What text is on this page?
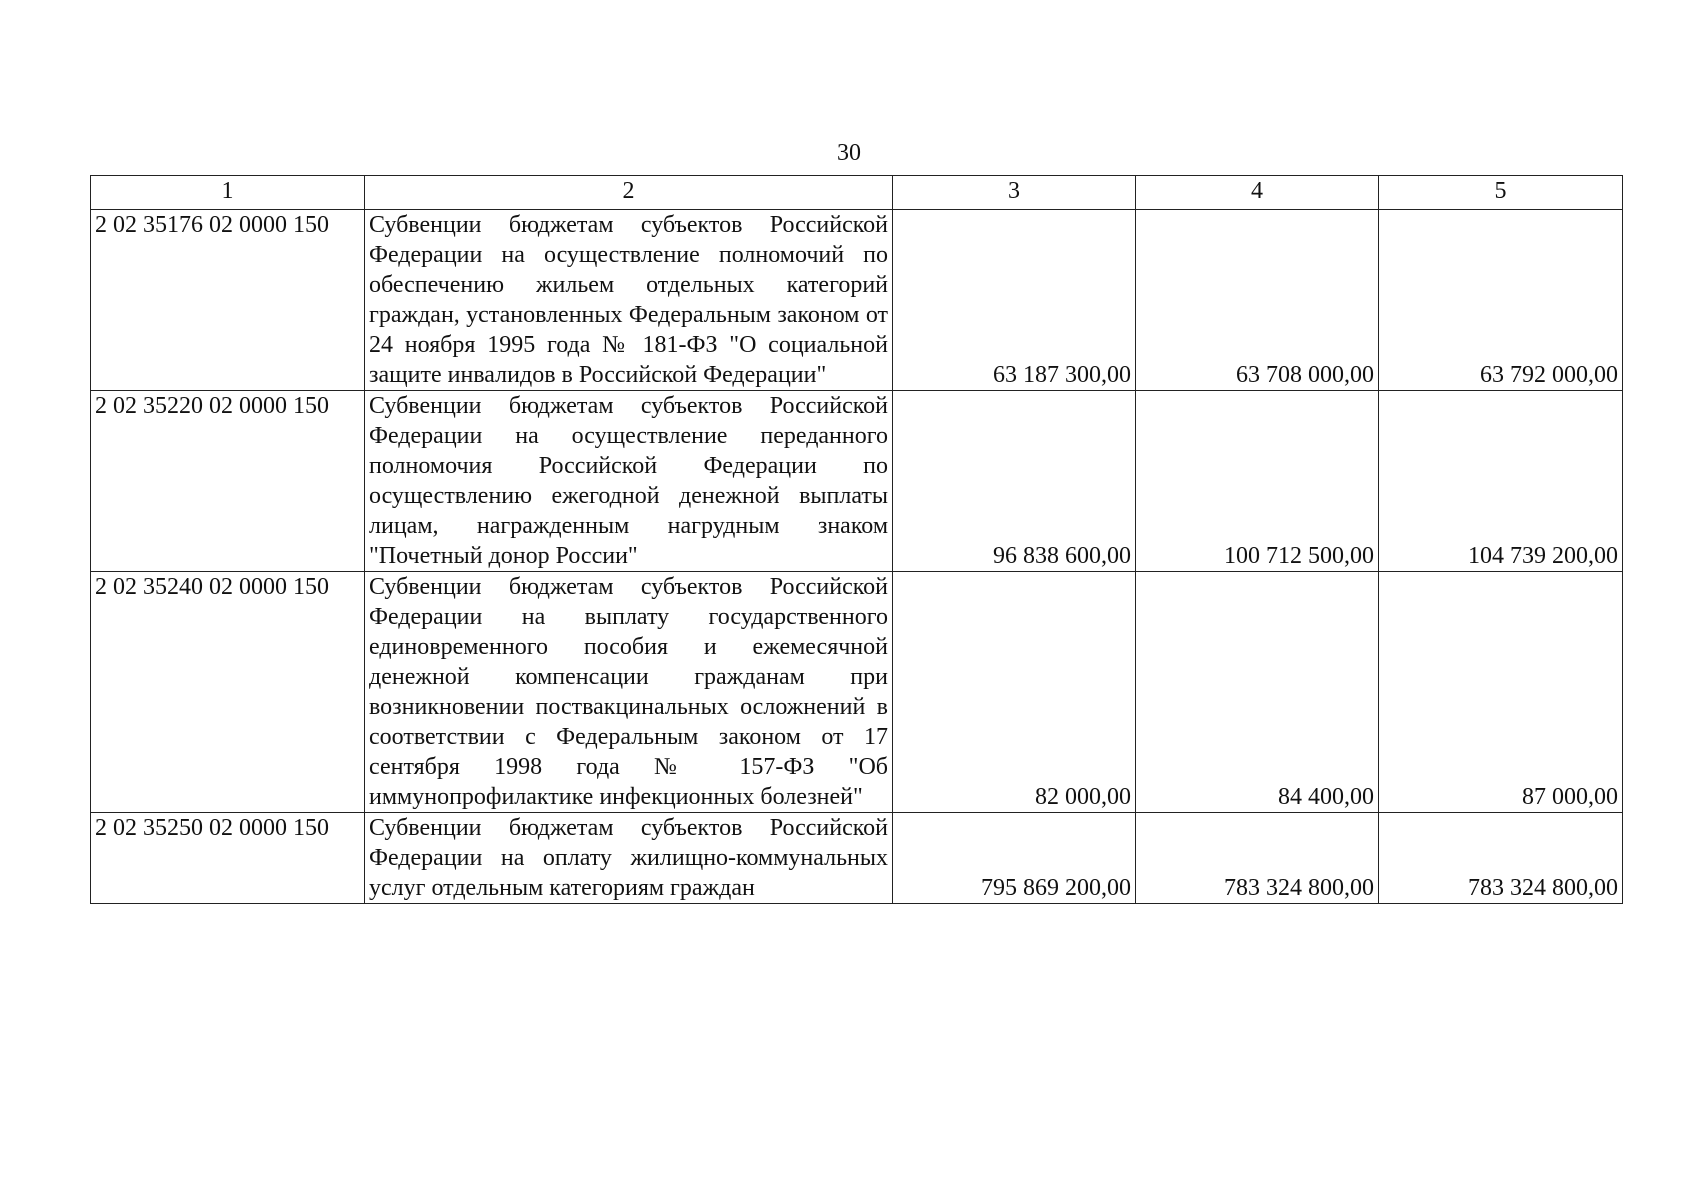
30
1	2	3	4	5
2 02 35176 02 0000 150	Субвенции бюджетам субъектов Российской Федерации на осуществление полномочий по обеспечению жильем отдельных категорий граждан, установленных Федеральным законом от 24 ноября 1995 года № 181-ФЗ "О социальной защите инвалидов в Российской Федерации"	63 187 300,00	63 708 000,00	63 792 000,00
2 02 35220 02 0000 150	Субвенции бюджетам субъектов Российской Федерации на осуществление переданного полномочия Российской Федерации по осуществлению ежегодной денежной выплаты лицам, награжденным нагрудным знаком "Почетный донор России"	96 838 600,00	100 712 500,00	104 739 200,00
2 02 35240 02 0000 150	Субвенции бюджетам субъектов Российской Федерации на выплату государственного единовременного пособия и ежемесячной денежной компенсации гражданам при возникновении поствакцинальных осложнений в соответствии с Федеральным законом от 17 сентября 1998 года № 157-ФЗ "Об иммунопрофилактике инфекционных болезней"	82 000,00	84 400,00	87 000,00
2 02 35250 02 0000 150	Субвенции бюджетам субъектов Российской Федерации на оплату жилищно-коммунальных услуг отдельным категориям граждан	795 869 200,00	783 324 800,00	783 324 800,00
